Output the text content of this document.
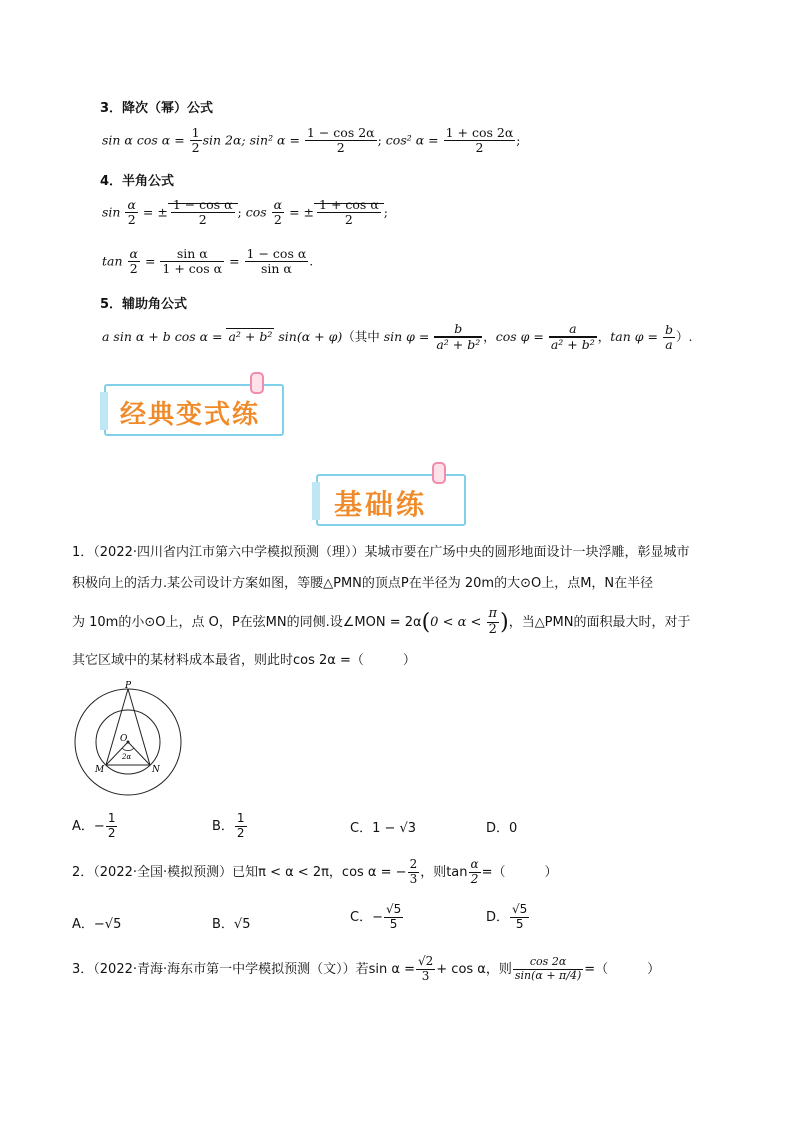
3．降次（幂）公式
sin α $\cos \alpha = \frac{1}{2}$ sin 2α; sin² $\alpha = \frac{1 - \cos 2\alpha}{2}$ ; cos² $\alpha = \frac{1 + \cos 2\alpha}{2}$ ;
4．半角公式
$\sin \frac{\alpha}{2}$ = ± $\frac{\text{1 − cos α}}{2}$ ; $\cos \frac{\alpha}{2}$ = ± $\frac{\text{1 + cos α}}{2}$ ;
$\tan \frac{\alpha}{2} = \frac{\text{sin α}}{\text{1 + cos α}} = \frac{\text{1 − cos α}}{\text{sin α}}$ .
5．辅助角公式
a sin α + b cos α = a² + b² sin(α + φ)（其中 $\sin \varphi = \frac{b}{\text{a² + b²}}$ ，$\cos \varphi = \frac{a}{\text{a² + b²}}$ ，$\tan \varphi = \frac{b}{a}$ ）.
经典变式练
基础练
1．（2022·四川省内江市第六中学模拟预测（理））某城市要在广场中央的圆形地面设计一块浮雕，彰显城市
积极向上的活力.某公司设计方案如图，等腰△PMN的顶点P在半径为 20m的大⊙O上，点M，N在半径
为 10m的小⊙O上，点 O，P在弦MN的同侧.设∠MON = $2\alpha(0 < \alpha < \frac{\pi}{2}$ )，当△PMN的面积最大时，对于
其它区域中的某材料成本最省，则此时cos 2α =（　　　）
P
O
M	N
2α
A．− $\frac{1}{2}$	B． $\frac{1}{2}$	C．1 − √3	D．0
2．（2022·全国·模拟预测）已知π < α < 2π，cos α = − $\frac{2}{3}$ ，则$\tan \frac{\alpha}{2}$ =（　　　）
A．−√5	B．√5	C．− $\frac{√5}{5}$	D． $\frac{√5}{5}$
3．（2022·青海·海东市第一中学模拟预测（文））若$\sin \alpha = \frac{√2}{3} + \cos \alpha$，则 $\frac{\cos 2\alpha}{\sin(\alpha + \pi/4)}$ =（　　　）
